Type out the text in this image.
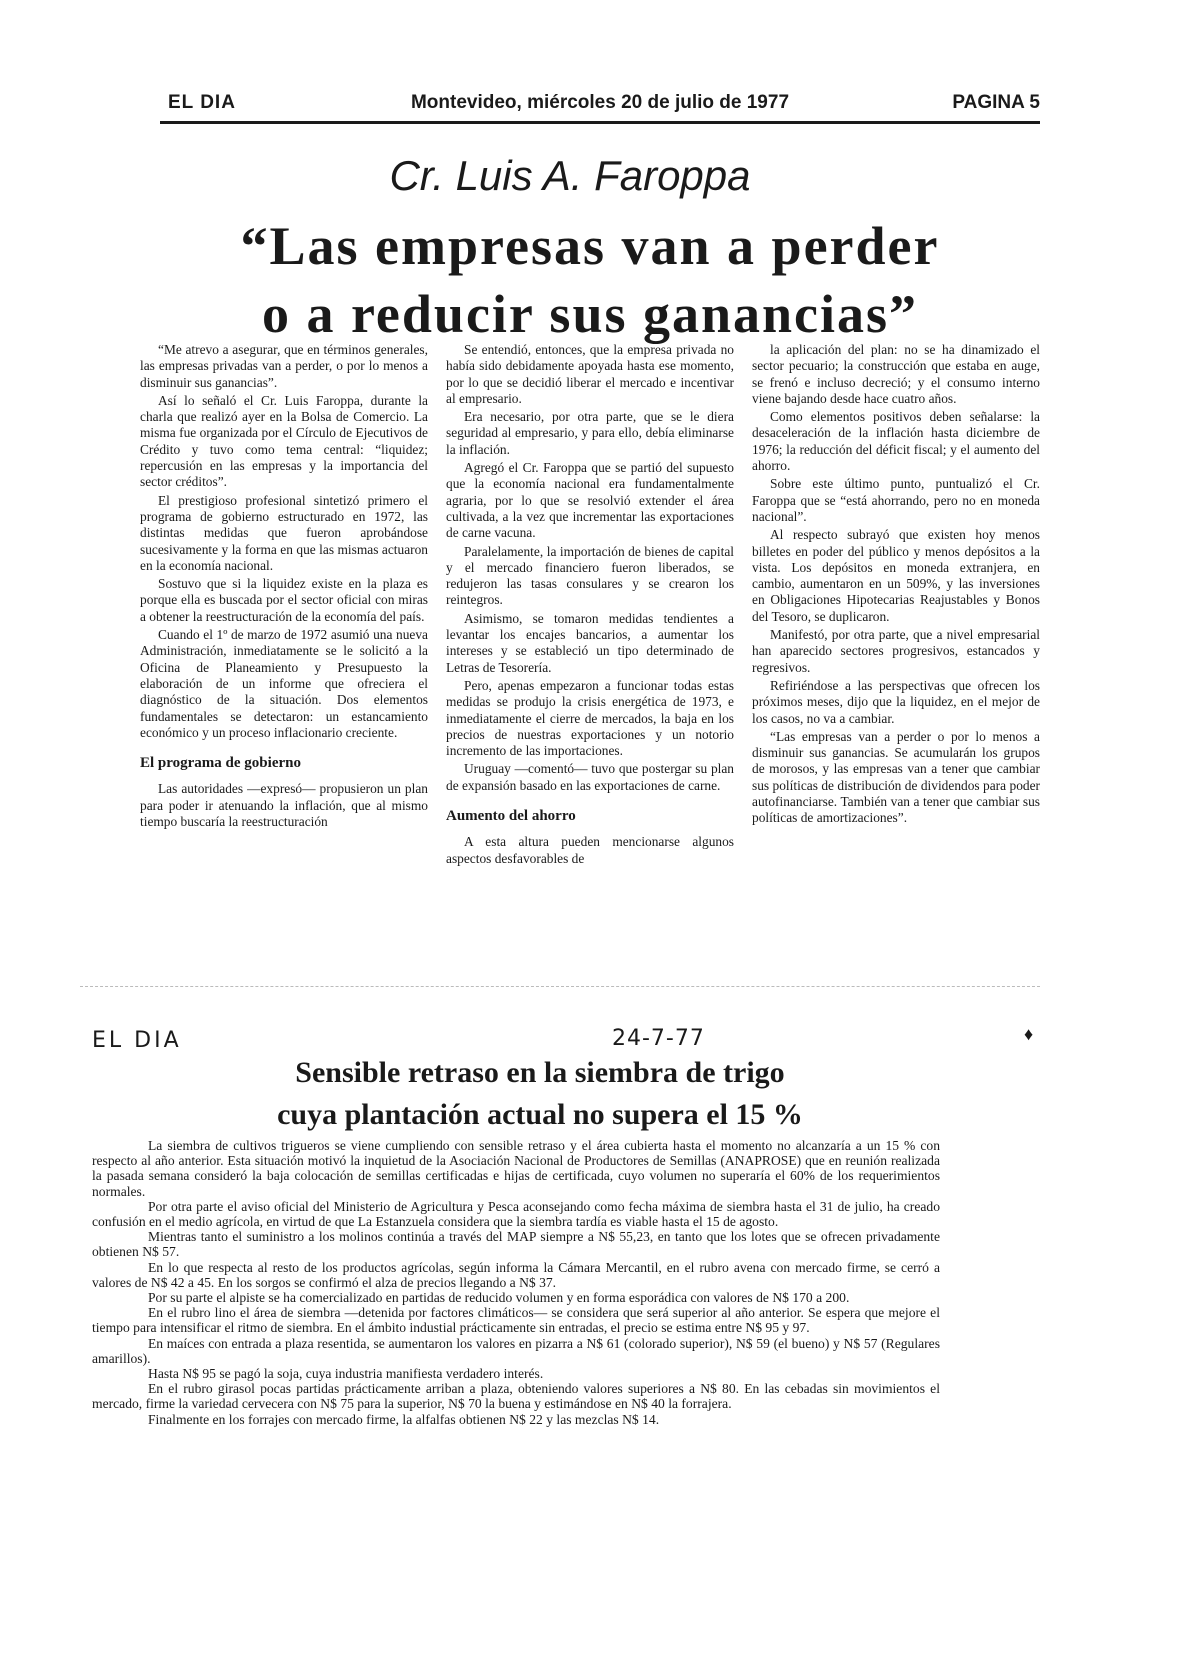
EL DIA	Montevideo, miércoles 20 de julio de 1977	PAGINA 5
Cr. Luis A. Faroppa
“Las empresas van a perder
o a reducir sus ganancias”

“Me atrevo a asegurar, que en términos generales, las empresas privadas van a perder, o por lo menos a disminuir sus ganancias”.

Así lo señaló el Cr. Luis Faroppa, durante la charla que realizó ayer en la Bolsa de Comercio. La misma fue organizada por el Círculo de Ejecutivos de Crédito y tuvo como tema central: “liquidez; repercusión en las empresas y la importancia del sector créditos”.

El prestigioso profesional sintetizó primero el programa de gobierno estructurado en 1972, las distintas medidas que fueron aprobándose sucesivamente y la forma en que las mismas actuaron en la economía nacional.

Sostuvo que si la liquidez existe en la plaza es porque ella es buscada por el sector oficial con miras a obtener la reestructuración de la economía del país.

Cuando el 1º de marzo de 1972 asumió una nueva Administración, inmediatamente se le solicitó a la Oficina de Planeamiento y Presupuesto la elaboración de un informe que ofreciera el diagnóstico de la situación. Dos elementos fundamentales se detectaron: un estancamiento económico y un proceso inflacionario creciente.

El programa de gobierno

Las autoridades —expresó— propusieron un plan para poder ir atenuando la inflación, que al mismo tiempo buscaría la reestructuración

Se entendió, entonces, que la empresa privada no había sido debidamente apoyada hasta ese momento, por lo que se decidió liberar el mercado e incentivar al empresario.

Era necesario, por otra parte, que se le diera seguridad al empresario, y para ello, debía eliminarse la inflación.

Agregó el Cr. Faroppa que se partió del supuesto que la economía nacional era fundamentalmente agraria, por lo que se resolvió extender el área cultivada, a la vez que incrementar las exportaciones de carne vacuna.

Paralelamente, la importación de bienes de capital y el mercado financiero fueron liberados, se redujeron las tasas consulares y se crearon los reintegros.

Asimismo, se tomaron medidas tendientes a levantar los encajes bancarios, a aumentar los intereses y se estableció un tipo determinado de Letras de Tesorería.

Pero, apenas empezaron a funcionar todas estas medidas se produjo la crisis energética de 1973, e inmediatamente el cierre de mercados, la baja en los precios de nuestras exportaciones y un notorio incremento de las importaciones.

Uruguay —comentó— tuvo que postergar su plan de expansión basado en las exportaciones de carne.

Aumento del ahorro

A esta altura pueden mencionarse algunos aspectos desfavorables de

la aplicación del plan: no se ha dinamizado el sector pecuario; la construcción que estaba en auge, se frenó e incluso decreció; y el consumo interno viene bajando desde hace cuatro años.

Como elementos positivos deben señalarse: la desaceleración de la inflación hasta diciembre de 1976; la reducción del déficit fiscal; y el aumento del ahorro.

Sobre este último punto, puntualizó el Cr. Faroppa que se “está ahorrando, pero no en moneda nacional”.

Al respecto subrayó que existen hoy menos billetes en poder del público y menos depósitos a la vista. Los depósitos en moneda extranjera, en cambio, aumentaron en un 509%, y las inversiones en Obligaciones Hipotecarias Reajustables y Bonos del Tesoro, se duplicaron.

Manifestó, por otra parte, que a nivel empresarial han aparecido sectores progresivos, estancados y regresivos.

Refiriéndose a las perspectivas que ofrecen los próximos meses, dijo que la liquidez, en el mejor de los casos, no va a cambiar.

“Las empresas van a perder o por lo menos a disminuir sus ganancias. Se acumularán los grupos de morosos, y las empresas van a tener que cambiar sus políticas de distribución de dividendos para poder autofinanciarse. También van a tener que cambiar sus políticas de amortizaciones”.

EL DIA	24-7-77	♦
Sensible retraso en la siembra de trigo
cuya plantación actual no supera el 15 %

La siembra de cultivos trigueros se viene cumpliendo con sensible retraso y el área cubierta hasta el momento no alcanzaría a un 15 % con respecto al año anterior. Esta situación motivó la inquietud de la Asociación Nacional de Productores de Semillas (ANAPROSE) que en reunión realizada la pasada semana consideró la baja colocación de semillas certificadas e hijas de certificada, cuyo volumen no superaría el 60% de los requerimientos normales.

Por otra parte el aviso oficial del Ministerio de Agricultura y Pesca aconsejando como fecha máxima de siembra hasta el 31 de julio, ha creado confusión en el medio agrícola, en virtud de que La Estanzuela considera que la siembra tardía es viable hasta el 15 de agosto.

Mientras tanto el suministro a los molinos continúa a través del MAP siempre a N$ 55,23, en tanto que los lotes que se ofrecen privadamente obtienen N$ 57.

En lo que respecta al resto de los productos agrícolas, según informa la Cámara Mercantil, en el rubro avena con mercado firme, se cerró a valores de N$ 42 a 45. En los sorgos se confirmó el alza de precios llegando a N$ 37.

Por su parte el alpiste se ha comercializado en partidas de reducido volumen y en forma esporádica con valores de N$ 170 a 200.

En el rubro lino el área de siembra —detenida por factores climáticos— se considera que será superior al año anterior. Se espera que mejore el tiempo para intensificar el ritmo de siembra. En el ámbito industial prácticamente sin entradas, el precio se estima entre N$ 95 y 97.

En maíces con entrada a plaza resentida, se aumentaron los valores en pizarra a N$ 61 (colorado superior), N$ 59 (el bueno) y N$ 57 (Regulares amarillos).

Hasta N$ 95 se pagó la soja, cuya industria manifiesta verdadero interés.

En el rubro girasol pocas partidas prácticamente arriban a plaza, obteniendo valores superiores a N$ 80. En las cebadas sin movimientos el mercado, firme la variedad cervecera con N$ 75 para la superior, N$ 70 la buena y estimándose en N$ 40 la forrajera.

Finalmente en los forrajes con mercado firme, la alfalfas obtienen N$ 22 y las mezclas N$ 14.
